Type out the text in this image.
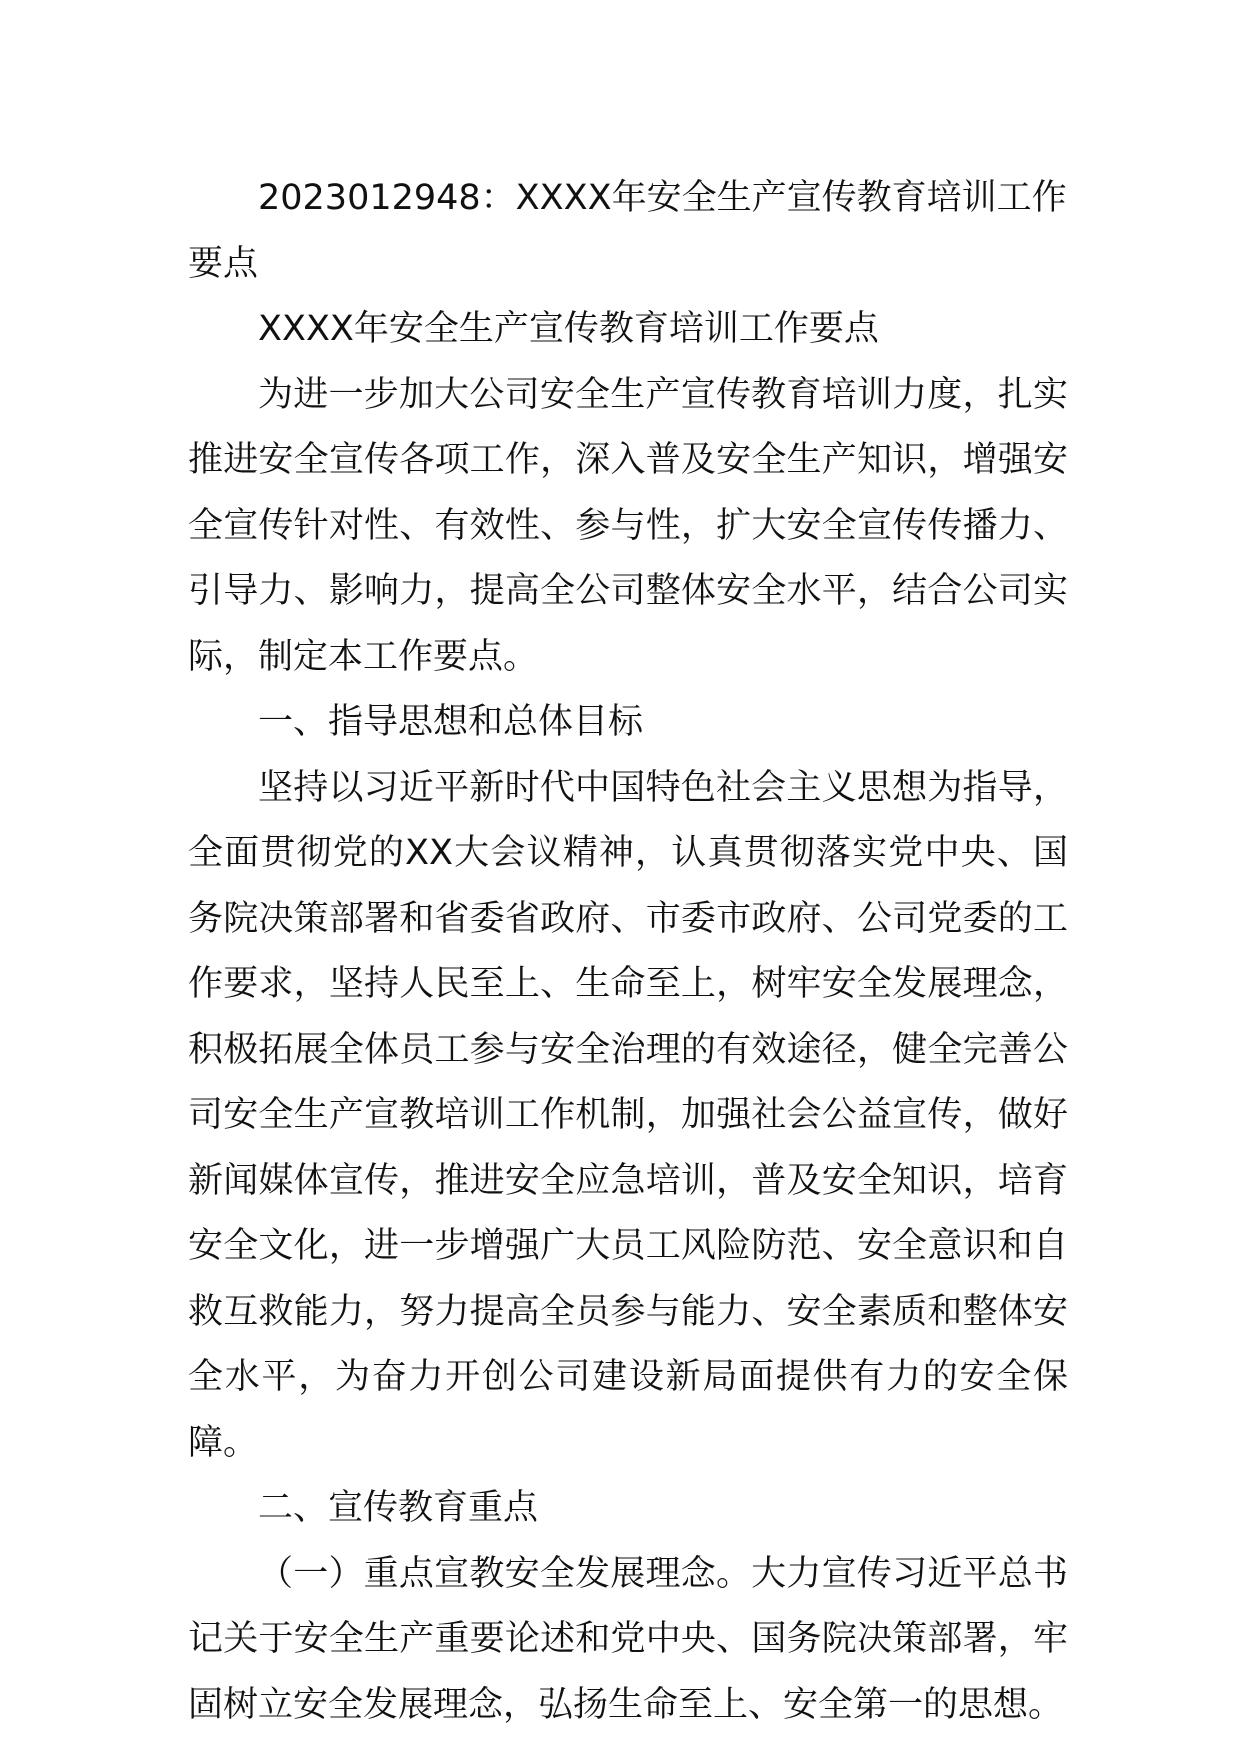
2023012948：XXXX年安全生产宣传教育培训工作要点

XXXX年安全生产宣传教育培训工作要点

为进一步加大公司安全生产宣传教育培训力度，扎实推进安全宣传各项工作，深入普及安全生产知识，增强安全宣传针对性、有效性、参与性，扩大安全宣传传播力、引导力、影响力，提高全公司整体安全水平，结合公司实际，制定本工作要点。

一、指导思想和总体目标

坚持以习近平新时代中国特色社会主义思想为指导，全面贯彻党的XX大会议精神，认真贯彻落实党中央、国务院决策部署和省委省政府、市委市政府、公司党委的工作要求，坚持人民至上、生命至上，树牢安全发展理念，积极拓展全体员工参与安全治理的有效途径，健全完善公司安全生产宣教培训工作机制，加强社会公益宣传，做好新闻媒体宣传，推进安全应急培训，普及安全知识，培育安全文化，进一步增强广大员工风险防范、安全意识和自救互救能力，努力提高全员参与能力、安全素质和整体安全水平，为奋力开创公司建设新局面提供有力的安全保障。

二、宣传教育重点

（一）重点宣教安全发展理念。大力宣传习近平总书记关于安全生产重要论述和党中央、国务院决策部署，牢固树立安全发展理念，弘扬生命至上、安全第一的思想。
